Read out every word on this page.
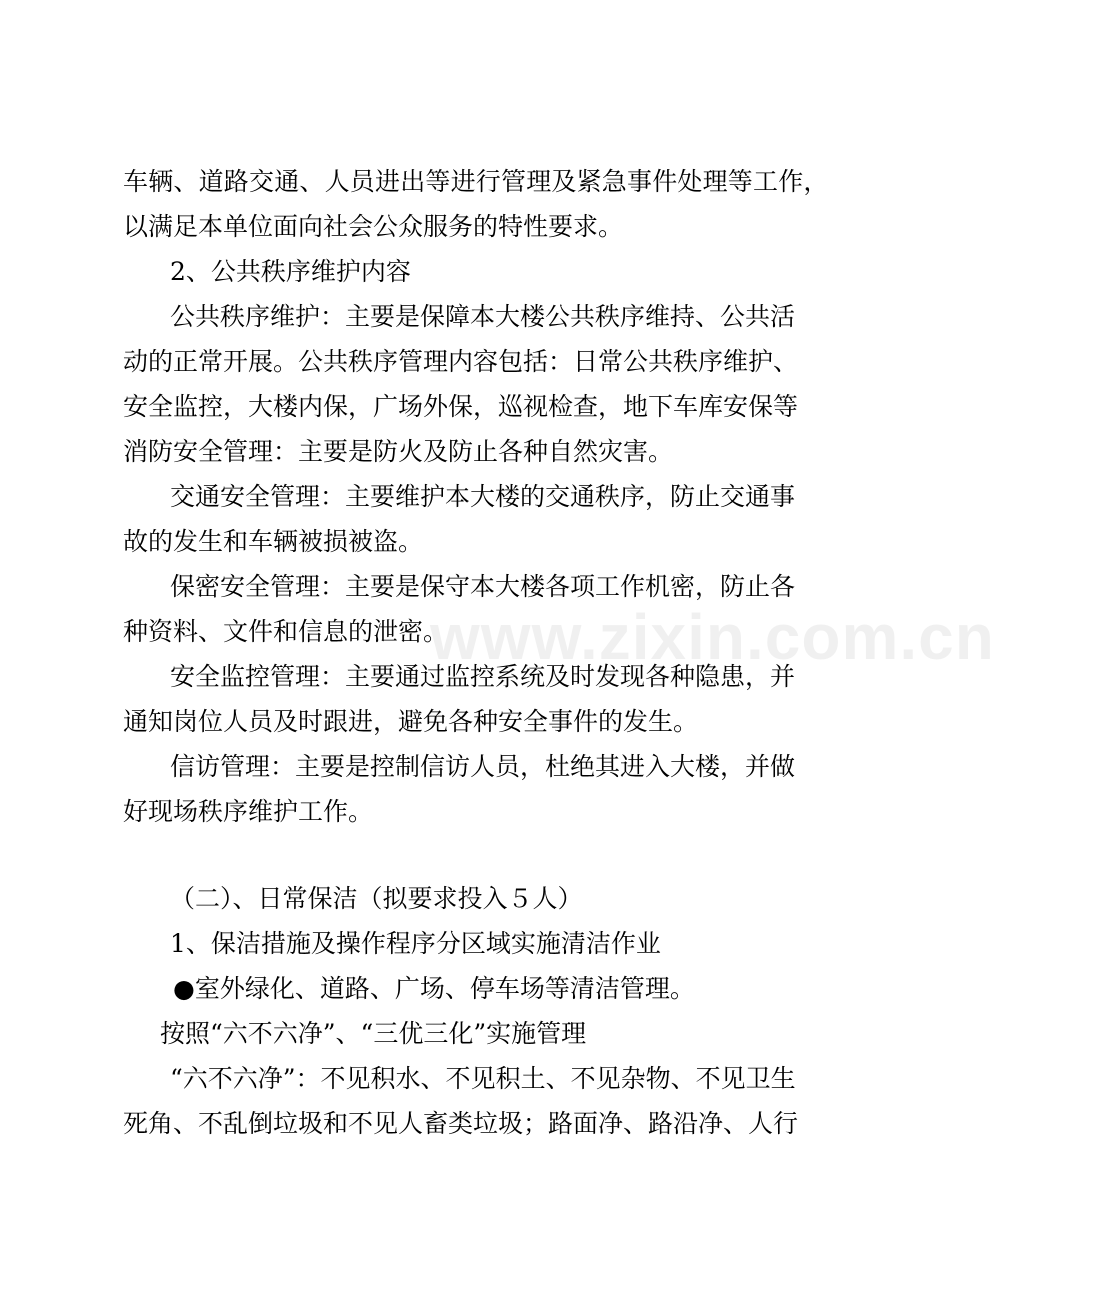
www.zixin.com.cn
车辆、道路交通、人员进出等进行管理及紧急事件处理等工作，
以满足本单位面向社会公众服务的特性要求。
2、公共秩序维护内容
公共秩序维护：主要是保障本大楼公共秩序维持、公共活
动的正常开展。公共秩序管理内容包括：日常公共秩序维护、
安全监控，大楼内保，广场外保，巡视检查，地下车库安保等
消防安全管理：主要是防火及防止各种自然灾害。
交通安全管理：主要维护本大楼的交通秩序，防止交通事
故的发生和车辆被损被盗。
保密安全管理：主要是保守本大楼各项工作机密，防止各
种资料、文件和信息的泄密。
安全监控管理：主要通过监控系统及时发现各种隐患，并
通知岗位人员及时跟进，避免各种安全事件的发生。
信访管理：主要是控制信访人员，杜绝其进入大楼，并做
好现场秩序维护工作。
（二）、日常保洁（拟要求投入５人）
1、保洁措施及操作程序分区域实施清洁作业
●室外绿化、道路、广场、停车场等清洁管理。
按照“六不六净”、“三优三化”实施管理
“六不六净”：不见积水、不见积土、不见杂物、不见卫生
死角、不乱倒垃圾和不见人畜类垃圾；路面净、路沿净、人行
